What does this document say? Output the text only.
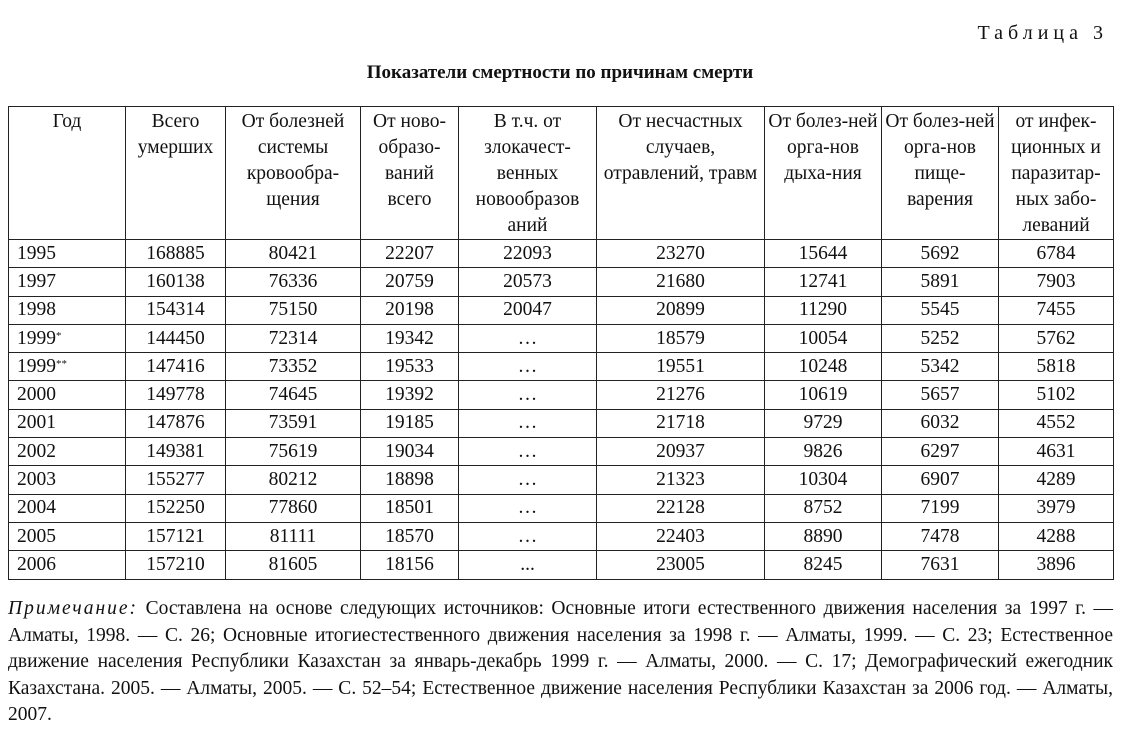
Таблица 3
Показатели смертности по причинам смерти
Год	Всего умерших	От болезней системы кровообра-щения	От ново-образо-ваний всего	В т.ч. от злокачест-венных новообразов аний	От несчастных случаев, отравлений, травм	От болез-ней орга-нов дыха-ния	От болез-ней орга-нов пище-варения	от инфек-ционных и паразитар-ных забо-леваний
1995	168885	80421	22207	22093	23270	15644	5692	6784
1997	160138	76336	20759	20573	21680	12741	5891	7903
1998	154314	75150	20198	20047	20899	11290	5545	7455
1999*	144450	72314	19342	…	18579	10054	5252	5762
1999**	147416	73352	19533	…	19551	10248	5342	5818
2000	149778	74645	19392	…	21276	10619	5657	5102
2001	147876	73591	19185	…	21718	9729	6032	4552
2002	149381	75619	19034	…	20937	9826	6297	4631
2003	155277	80212	18898	…	21323	10304	6907	4289
2004	152250	77860	18501	…	22128	8752	7199	3979
2005	157121	81111	18570	…	22403	8890	7478	4288
2006	157210	81605	18156	...	23005	8245	7631	3896
Примечание: Составлена на основе следующих источников: Основные итоги естественного движения населения за 1997 г. — Алматы, 1998. — С. 26; Основные итогиестественного движения населения за 1998 г. — Алматы, 1999. — С. 23; Естественное движение населения Республики Казахстан за январь-декабрь 1999 г. — Алматы, 2000. — С. 17; Демографический ежегодник Казахстана. 2005. — Алматы, 2005. — С. 52–54; Естественное движение населения Республики Казахстан за 2006 год. — Алматы, 2007.
